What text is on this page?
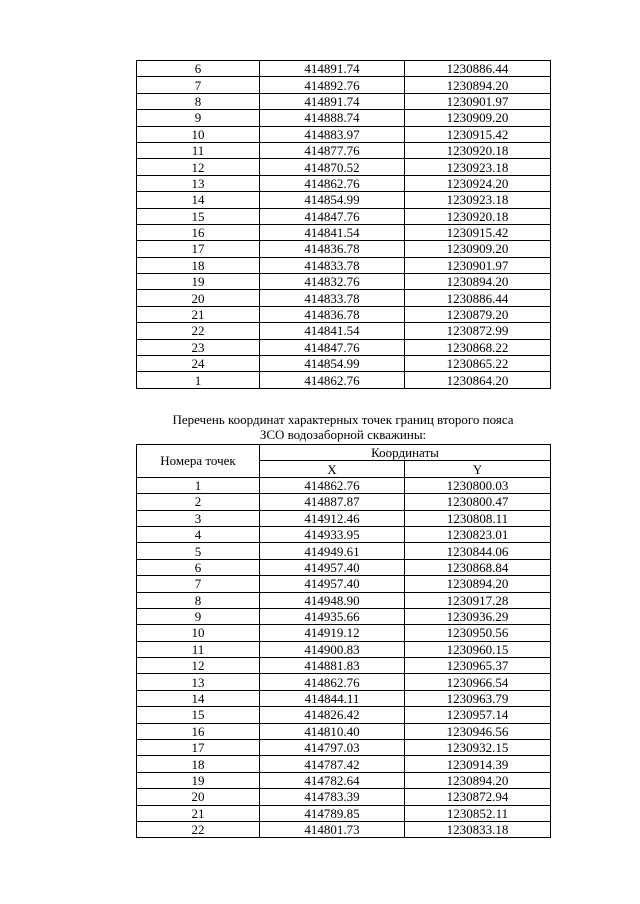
6	414891.74	1230886.44
7	414892.76	1230894.20
8	414891.74	1230901.97
9	414888.74	1230909.20
10	414883.97	1230915.42
11	414877.76	1230920.18
12	414870.52	1230923.18
13	414862.76	1230924.20
14	414854.99	1230923.18
15	414847.76	1230920.18
16	414841.54	1230915.42
17	414836.78	1230909.20
18	414833.78	1230901.97
19	414832.76	1230894.20
20	414833.78	1230886.44
21	414836.78	1230879.20
22	414841.54	1230872.99
23	414847.76	1230868.22
24	414854.99	1230865.22
1	414862.76	1230864.20
Перечень координат характерных точек границ второго пояса
ЗСО водозаборной скважины:
Номера точек	Координаты	
	X	Y
1	414862.76	1230800.03
2	414887.87	1230800.47
3	414912.46	1230808.11
4	414933.95	1230823.01
5	414949.61	1230844.06
6	414957.40	1230868.84
7	414957.40	1230894.20
8	414948.90	1230917.28
9	414935.66	1230936.29
10	414919.12	1230950.56
11	414900.83	1230960.15
12	414881.83	1230965.37
13	414862.76	1230966.54
14	414844.11	1230963.79
15	414826.42	1230957.14
16	414810.40	1230946.56
17	414797.03	1230932.15
18	414787.42	1230914.39
19	414782.64	1230894.20
20	414783.39	1230872.94
21	414789.85	1230852.11
22	414801.73	1230833.18
